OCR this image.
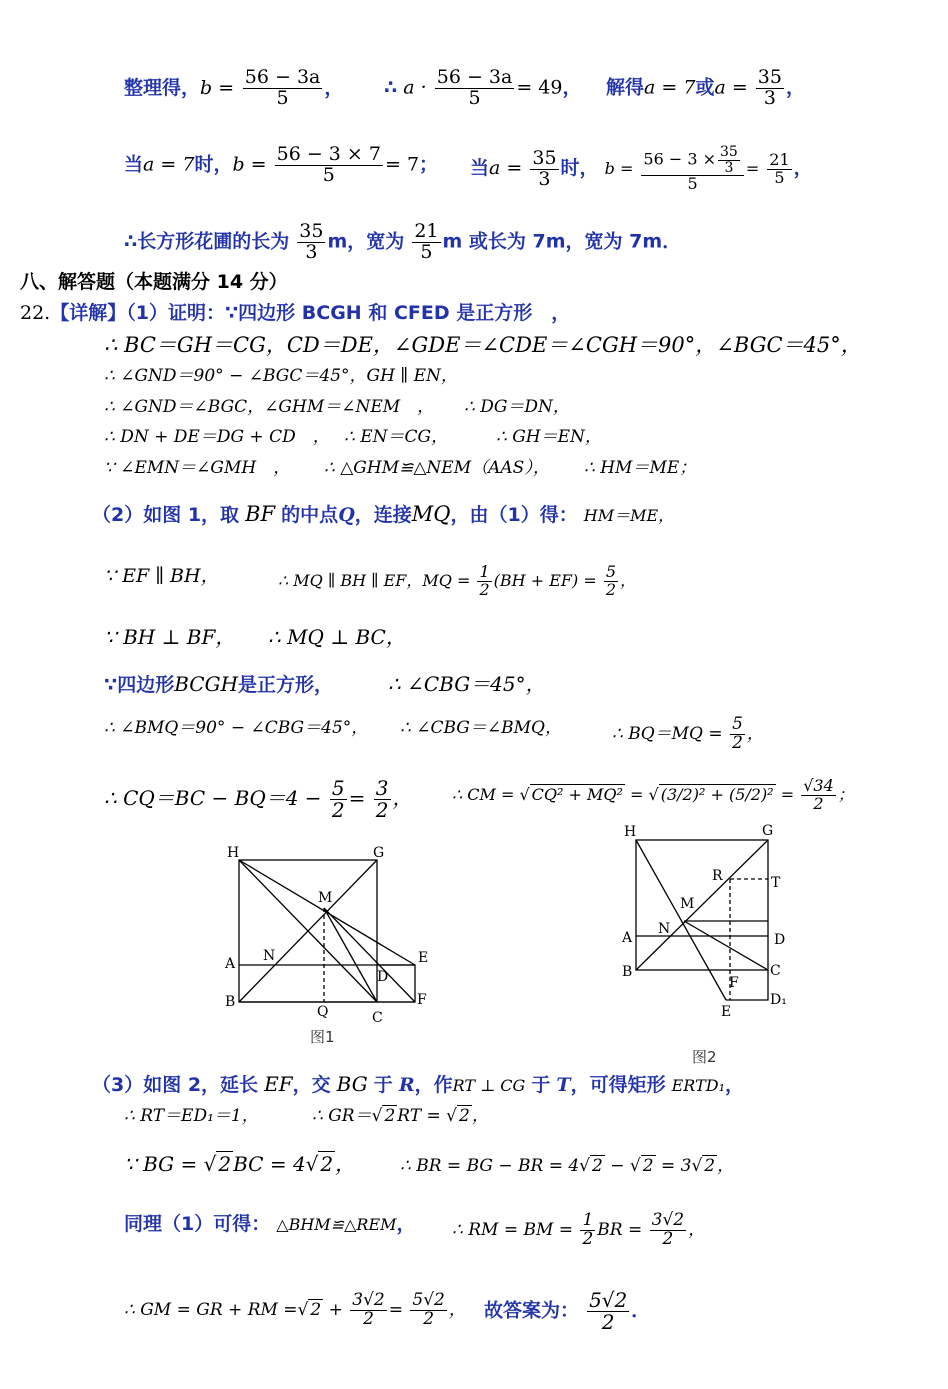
整理得，$b = \frac{56 - 3a}{5}$ ， ∴ $a \cdot \frac{56 - 3a}{5} = 49$， 解得a = 7或$a = \frac{35}{3}$ ，
当a = 7时，$b = \frac{56 - 3 \times 7}{5} = 7$； 当$a = \frac{35}{3}$ 时， $b = \frac{56 - 3 \times \frac{35}{3}}{5} = \frac{21}{5}$ ，
∴长方形花圃的长为 $\frac{35}{3}$ m，宽为 $\frac{21}{5}$ m 或长为 7m，宽为 7m．
八、解答题（本题满分 14 分）
22.【详解】（1）证明：∵四边形 BCGH 和 CFED 是正方形　，
∴ BC＝GH＝CG，CD＝DE，∠GDE＝∠CDE＝∠CGH＝90°，∠BGC＝45°，
∴ ∠GND＝90° − ∠BGC＝45°，GH ∥ EN，
∴ ∠GND＝∠BGC，∠GHM＝∠NEM　， ∴ DG＝DN，
∴ DN + DE＝DG + CD　， ∴ EN＝CG，	∴ GH＝EN，
∵ ∠EMN＝∠GMH　， ∴ △GHM≌△NEM（AAS）， ∴ HM＝ME；
（2）如图 1，取 BF 的中点Q，连接MQ，由（1）得： HM＝ME，
∵ EF ∥ BH，	∴ MQ ∥ BH ∥ EF，MQ = $\frac{1}{2} (BH + EF) = \frac{5}{2}$ ，
∵ BH ⊥ BF， ∴ MQ ⊥ BC，
∵四边形BCGH是正方形，	∴ ∠CBG＝45°，
∴ ∠BMQ＝90° − ∠CBG＝45°， ∴ ∠CBG＝∠BMQ，	∴ $BQ=MQ = \frac{5}{2}$ ，
∴ $CQ=BC - BQ=4 - \frac{5}{2} = \frac{3}{2}$ ， ∴ CM = √ CQ² + MQ² = √ $(3/2)^2 + (5/2)^2 = \frac{√34}{2}$ ；
H	G
M
A N
D
E
B
Q	C
F
图1
H	G
R	T
M
A
N
D
B	C
F
E
D₁
图2
（3）如图 2，延长 EF，交 BG 于 R，作RT ⊥ CG 于 T，可得矩形 ERTD₁，
∴ RT＝ED₁＝1，	∴ GR＝√ 2 RT = √ 2 ，
∵ BG = √ 2 BC = 4√ 2 ，	∴ BR = BG − BR = 4√ 2 − √ 2 = 3√ 2 ，
同理（1）可得： △BHM≌△REM， ∴ RM = BM = $\frac{1}{2}$ BR = $\frac{3√2}{2}$ ，
∴ GM = GR + RM =√ $2 + \frac{3√2}{2} = \frac{5√2}{2}$ ， 故答案为： $\frac{5√2}{2}$ ．
